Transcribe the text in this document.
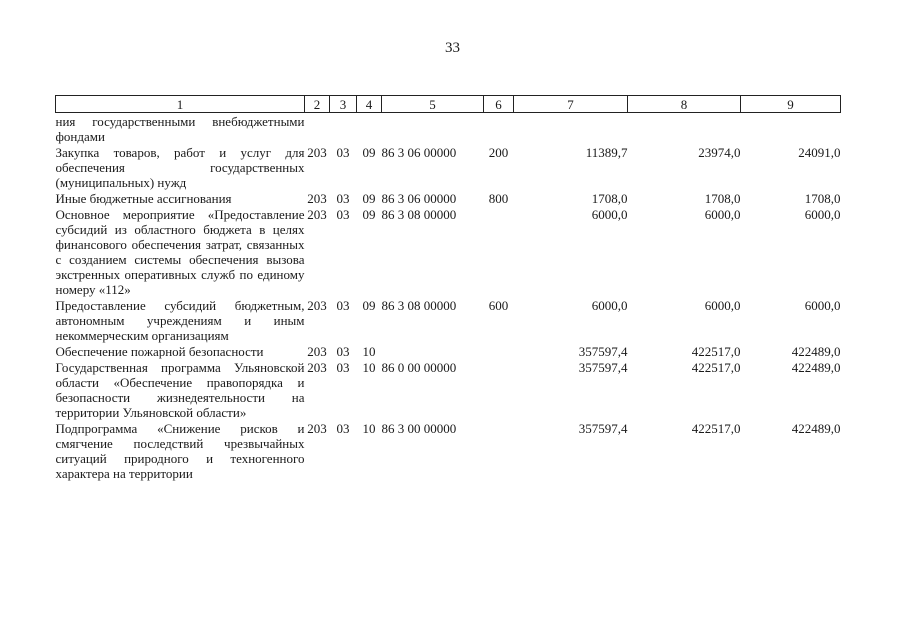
33
1	2	3	4	5	6	7	8	9
ния государственными внебюджетными фондами								
Закупка товаров, работ и услуг для обеспечения государственных (муниципальных) нужд	203	03	09	86 3 06 00000	200	11389,7	23974,0	24091,0
Иные бюджетные ассигнования	203	03	09	86 3 06 00000	800	1708,0	1708,0	1708,0
Основное мероприятие «Предоставление субсидий из областного бюджета в целях финансового обеспечения затрат, связанных с созданием системы обеспечения вызова экстренных оперативных служб по единому номеру «112»	203	03	09	86 3 08 00000		6000,0	6000,0	6000,0
Предоставление субсидий бюджетным, автономным учреждениям и иным некоммерческим организациям	203	03	09	86 3 08 00000	600	6000,0	6000,0	6000,0
Обеспечение пожарной безопасности	203	03	10			357597,4	422517,0	422489,0
Государственная программа Ульяновской области «Обеспечение правопорядка и безопасности жизнедеятельности на территории Ульяновской области»	203	03	10	86 0 00 00000		357597,4	422517,0	422489,0
Подпрограмма «Снижение рисков и смягчение последствий чрезвычайных ситуаций природного и техногенного характера на территории	203	03	10	86 3 00 00000		357597,4	422517,0	422489,0
